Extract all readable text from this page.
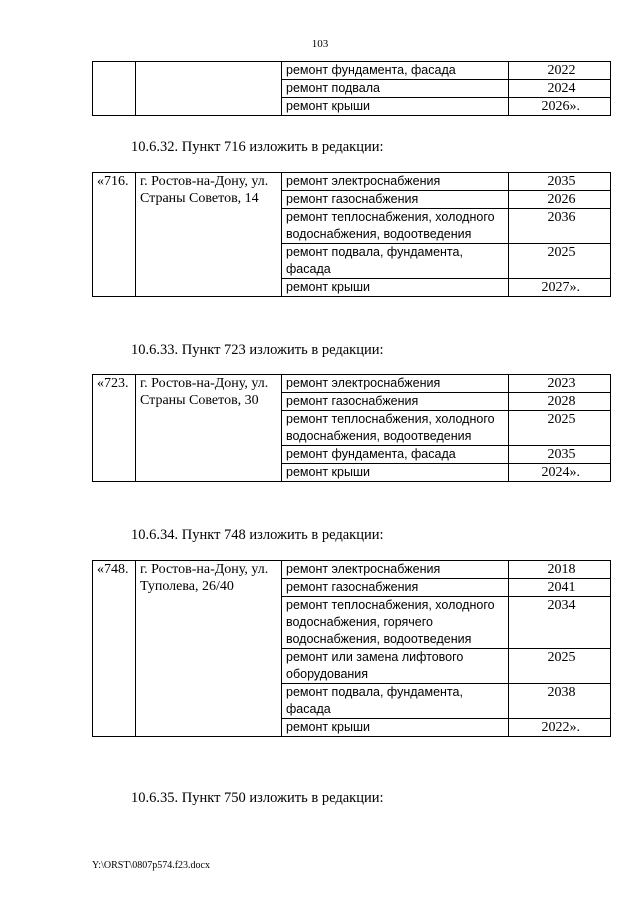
103
		ремонт фундамента, фасада	2022
		ремонт подвала	2024
		ремонт крыши	2026».
10.6.32. Пункт 716 изложить в редакции:
«716.	г. Ростов-на-Дону, ул. Страны Советов, 14	ремонт электроснабжения	2035
		ремонт газоснабжения	2026
		ремонт теплоснабжения, холодного водоснабжения, водоотведения	2036
		ремонт подвала, фундамента, фасада	2025
		ремонт крыши	2027».
10.6.33. Пункт 723 изложить в редакции:
«723.	г. Ростов-на-Дону, ул. Страны Советов, 30	ремонт электроснабжения	2023
		ремонт газоснабжения	2028
		ремонт теплоснабжения, холодного водоснабжения, водоотведения	2025
		ремонт фундамента, фасада	2035
		ремонт крыши	2024».
10.6.34. Пункт 748 изложить в редакции:
«748.	г. Ростов-на-Дону, ул. Туполева, 26/40	ремонт электроснабжения	2018
		ремонт газоснабжения	2041
		ремонт теплоснабжения, холодного водоснабжения, горячего водоснабжения, водоотведения	2034
		ремонт или замена лифтового оборудования	2025
		ремонт подвала, фундамента, фасада	2038
		ремонт крыши	2022».
10.6.35. Пункт 750 изложить в редакции:
Y:\ORST\0807p574.f23.docx
